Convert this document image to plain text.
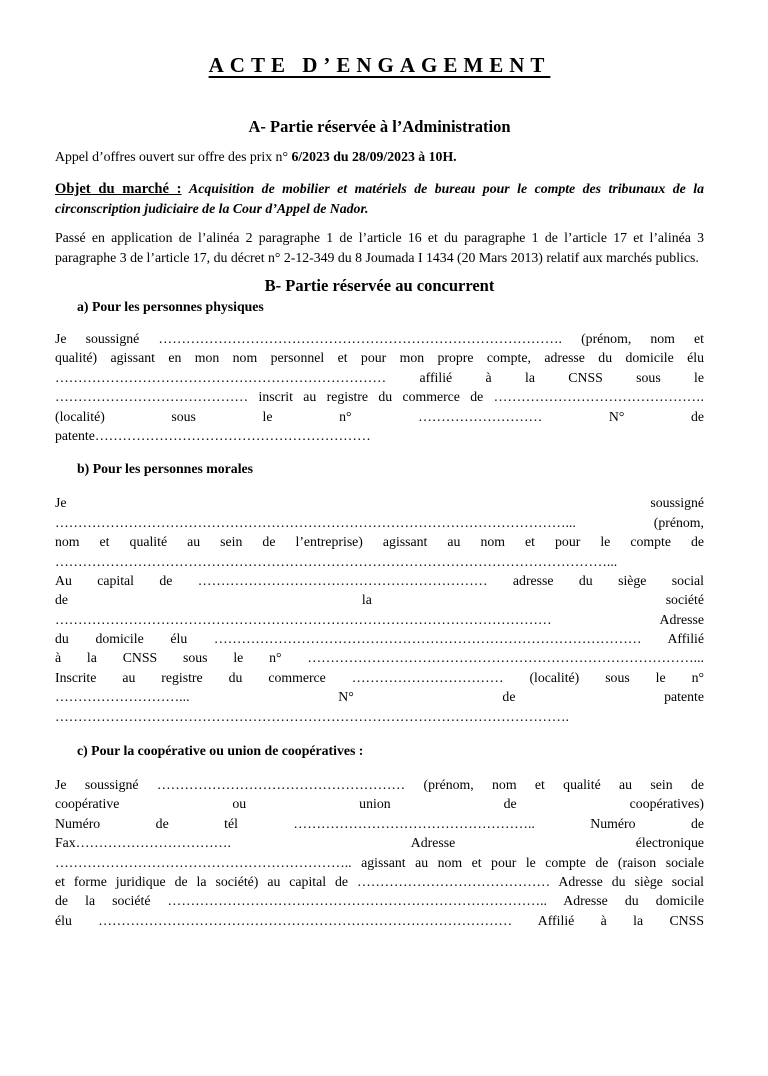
ACTE D’ENGAGEMENT
A- Partie réservée à l’Administration

Appel d’offres ouvert sur offre des prix n° 6/2023 du 28/09/2023 à 10H.

Objet du marché : Acquisition de mobilier et matériels de bureau pour le compte des tribunaux de la circonscription judiciaire de la Cour d’Appel de Nador.

Passé en application de l’alinéa 2 paragraphe 1 de l’article 16 et du paragraphe 1 de l’article 17 et l’alinéa 3 paragraphe 3 de l’article 17, du décret n° 2-12-349 du 8 Joumada I 1434 (20 Mars 2013) relatif aux marchés publics.

B- Partie réservée au concurrent

a) Pour les personnes physiques

Je soussigné ……………………………………………………………………………. (prénom, nom et
qualité) agissant en mon nom personnel et pour mon propre compte, adresse du domicile élu
……………………………………………………………… affilié à la CNSS sous le
…………………………………… inscrit au registre du commerce de ……………………………………….
(localité) sous le n° ……………………… N° de
patente……………………………………………………

b) Pour les personnes morales

Je soussigné
…………………………………………………………………………………………………... (prénom,
nom et qualité au sein de l’entreprise) agissant au nom et pour le compte de
…………………………………………………………………………………………………………...
Au capital de ……………………………………………………… adresse du siège social
de la société
……………………………………………………………………………………………… Adresse
du domicile élu ………………………………………………………………………………… Affilié
à la CNSS sous le n° …………………………………………………………………………...
Inscrite au registre du commerce …………………………… (localité) sous le n°
………………………... N° de patente
………………………………………………………………………………………………….

c) Pour la coopérative ou union de coopératives :

Je soussigné ……………………………………………… (prénom, nom et qualité au sein de
coopérative ou union de coopératives)
Numéro de tél …………………………………………….. Numéro de
Fax……………………………. Adresse électronique
……………………………………………………….. agissant au nom et pour le compte de (raison sociale
et forme juridique de la société) au capital de …………………………………… Adresse du siège social
de la société ……………………………………………………………………….. Adresse du domicile
élu ……………………………………………………………………………… Affilié à la CNSS
